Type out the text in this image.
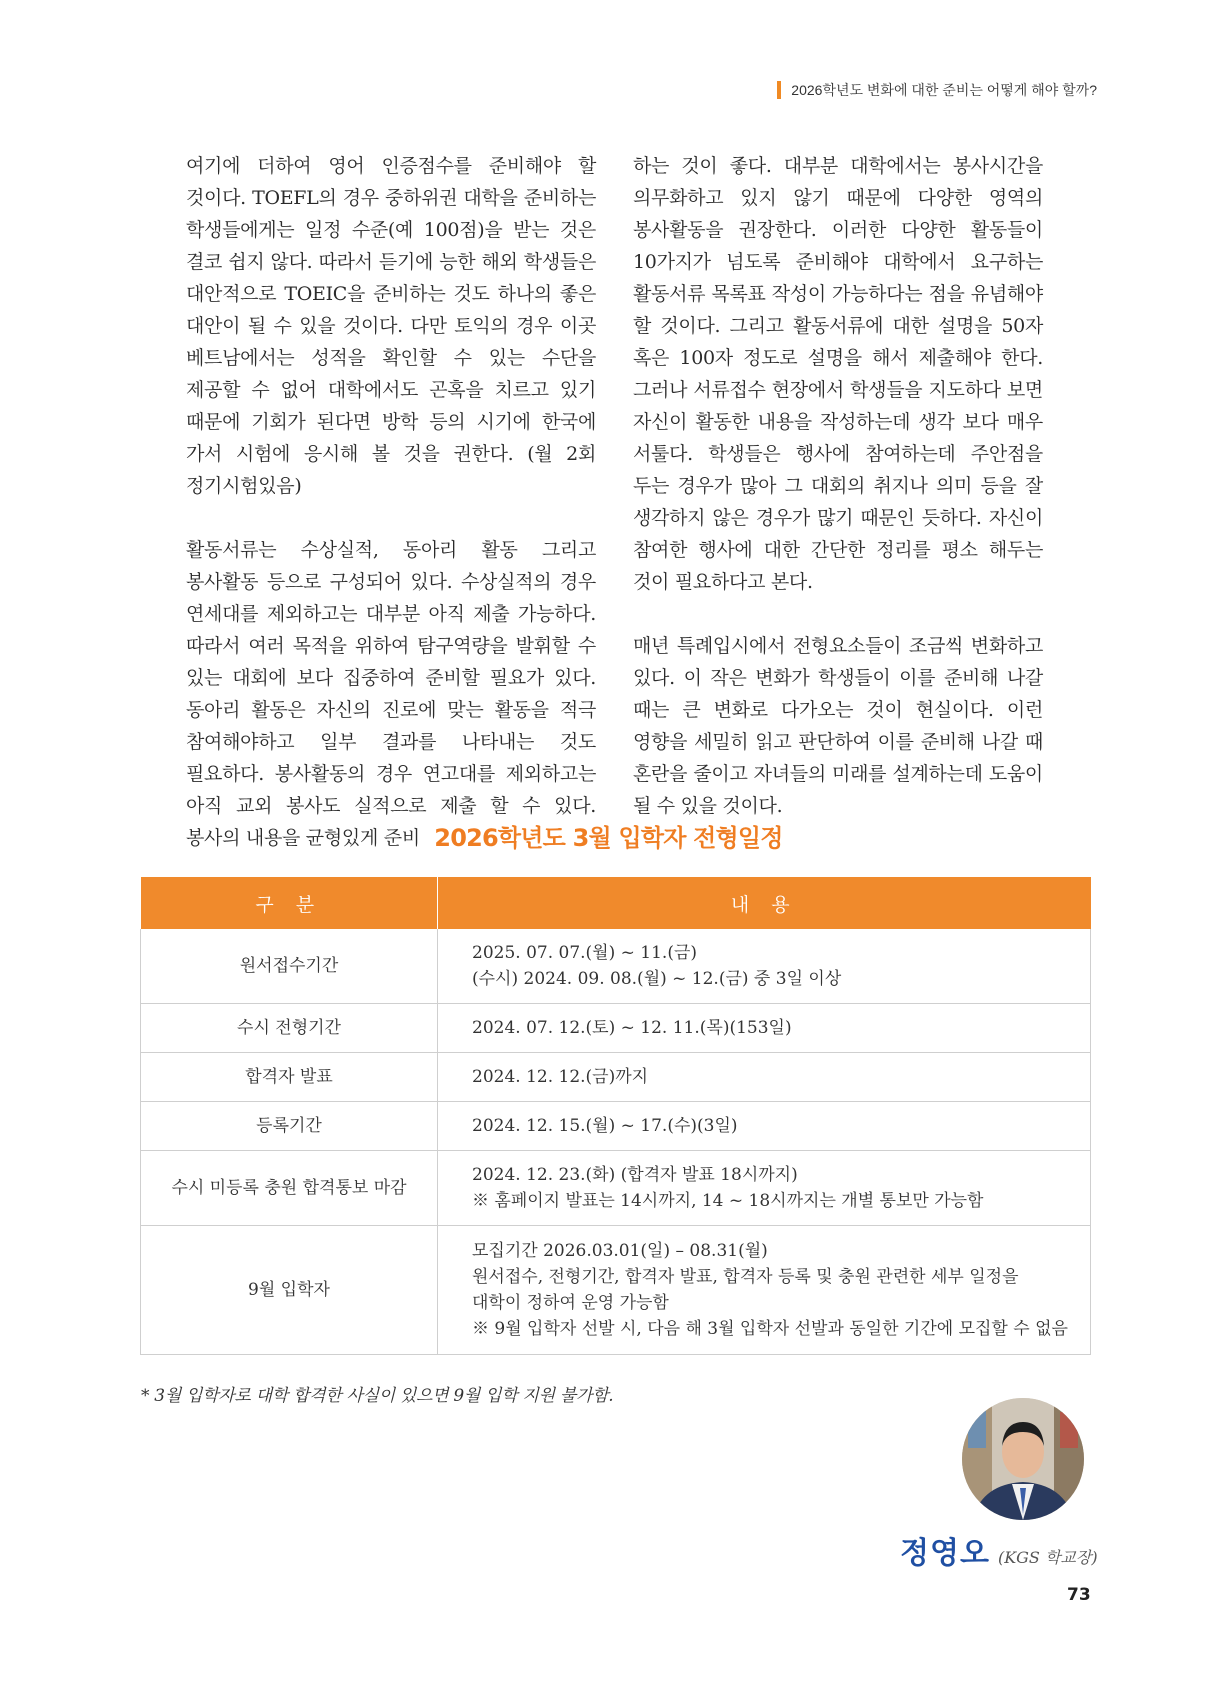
2026학년도 변화에 대한 준비는 어떻게 해야 할까?

여기에 더하여 영어 인증점수를 준비해야 할 것이다. TOEFL의 경우 중하위권 대학을 준비하는 학생들에게는 일정 수준(예 100점)을 받는 것은 결코 쉽지 않다. 따라서 듣기에 능한 해외 학생들은 대안적으로 TOEIC을 준비하는 것도 하나의 좋은 대안이 될 수 있을 것이다. 다만 토익의 경우 이곳 베트남에서는 성적을 확인할 수 있는 수단을 제공할 수 없어 대학에서도 곤혹을 치르고 있기 때문에 기회가 된다면 방학 등의 시기에 한국에 가서 시험에 응시해 볼 것을 권한다. (월 2회 정기시험있음)

활동서류는 수상실적, 동아리 활동 그리고 봉사활동 등으로 구성되어 있다. 수상실적의 경우 연세대를 제외하고는 대부분 아직 제출 가능하다. 따라서 여러 목적을 위하여 탐구역량을 발휘할 수 있는 대회에 보다 집중하여 준비할 필요가 있다. 동아리 활동은 자신의 진로에 맞는 활동을 적극 참여해야하고 일부 결과를 나타내는 것도 필요하다. 봉사활동의 경우 연고대를 제외하고는 아직 교외 봉사도 실적으로 제출 할 수 있다. 봉사의 내용을 균형있게 준비

하는 것이 좋다. 대부분 대학에서는 봉사시간을 의무화하고 있지 않기 때문에 다양한 영역의 봉사활동을 권장한다. 이러한 다양한 활동들이 10가지가 넘도록 준비해야 대학에서 요구하는 활동서류 목록표 작성이 가능하다는 점을 유념해야 할 것이다. 그리고 활동서류에 대한 설명을 50자 혹은 100자 정도로 설명을 해서 제출해야 한다. 그러나 서류접수 현장에서 학생들을 지도하다 보면 자신이 활동한 내용을 작성하는데 생각 보다 매우 서툴다. 학생들은 행사에 참여하는데 주안점을 두는 경우가 많아 그 대회의 취지나 의미 등을 잘 생각하지 않은 경우가 많기 때문인 듯하다. 자신이 참여한 행사에 대한 간단한 정리를 평소 해두는 것이 필요하다고 본다.

매년 특례입시에서 전형요소들이 조금씩 변화하고 있다. 이 작은 변화가 학생들이 이를 준비해 나갈 때는 큰 변화로 다가오는 것이 현실이다. 이런 영향을 세밀히 읽고 판단하여 이를 준비해 나갈 때 혼란을 줄이고 자녀들의 미래를 설계하는데 도움이 될 수 있을 것이다.

2026학년도 3월 입학자 전형일정
구 분	내 용
원서접수기간	2025. 07. 07.(월) ~ 11.(금)
(수시) 2024. 09. 08.(월) ~ 12.(금) 중 3일 이상

수시 전형기간	2024. 07. 12.(토) ~ 12. 11.(목)(153일)

합격자 발표	2024. 12. 12.(금)까지

등록기간	2024. 12. 15.(월) ~ 17.(수)(3일)

수시 미등록 충원 합격통보 마감	2024. 12. 23.(화) (합격자 발표 18시까지)
※ 홈페이지 발표는 14시까지, 14 ~ 18시까지는 개별 통보만 가능함

9월 입학자	모집기간 2026.03.01(일) – 08.31(월)
원서접수, 전형기간, 합격자 발표, 합격자 등록 및 충원 관련한 세부 일정을
대학이 정하여 운영 가능함
※ 9월 입학자 선발 시, 다음 해 3월 입학자 선발과 동일한 기간에 모집할 수 없음
* 3월 입학자로 대학 합격한 사실이 있으면 9월 입학 지원 불가함.
정영오 (KGS 학교장)
73
